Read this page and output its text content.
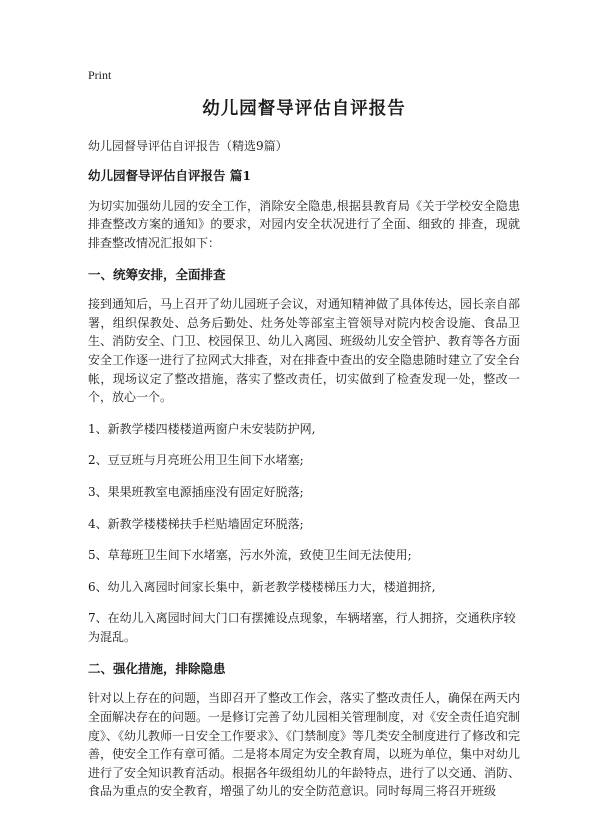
Print
幼儿园督导评估自评报告

幼儿园督导评估自评报告（精选9篇）

幼儿园督导评估自评报告 篇1

为切实加强幼儿园的安全工作，消除安全隐患,根据县教育局《关于学校安全隐患排查整改方案的通知》的要求，对园内安全状况进行了全面、细致的 排查，现就排查整改情况汇报如下：

一、统筹安排，全面排查

接到通知后，马上召开了幼儿园班子会议，对通知精神做了具体传达，园长亲自部署，组织保教处、总务后勤处、灶务处等部室主管领导对院内校舍设施、食品卫生、消防安全、门卫、校园保卫、幼儿入离园、班级幼儿安全管护、教育等各方面安全工作逐一进行了拉网式大排查，对在排查中查出的安全隐患随时建立了安全台帐，现场议定了整改措施，落实了整改责任，切实做到了检查发现一处，整改一个，放心一个。

1、新教学楼四楼楼道两窗户未安装防护网,

2、豆豆班与月亮班公用卫生间下水堵塞;

3、果果班教室电源插座没有固定好脱落;

4、新教学楼楼梯扶手栏贴墙固定环脱落;

5、草莓班卫生间下水堵塞，污水外流，致使卫生间无法使用;

6、幼儿入离园时间家长集中，新老教学楼楼梯压力大，楼道拥挤,

7、在幼儿入离园时间大门口有摆摊设点现象，车辆堵塞，行人拥挤，交通秩序较为混乱。

二、强化措施，排除隐患

针对以上存在的问题，当即召开了整改工作会，落实了整改责任人，确保在两天内全面解决存在的问题。一是修订完善了幼儿园相关管理制度，对《安全责任追究制度》、《幼儿教师一日安全工作要求》、《门禁制度》等几类安全制度进行了修改和完善，使安全工作有章可循。二是将本周定为安全教育周，以班为单位，集中对幼儿进行了安全知识教育活动。根据各年级组幼儿的年龄特点，进行了以交通、消防、食品为重点的安全教育，增强了幼儿的安全防范意识。同时每周三将召开班级
